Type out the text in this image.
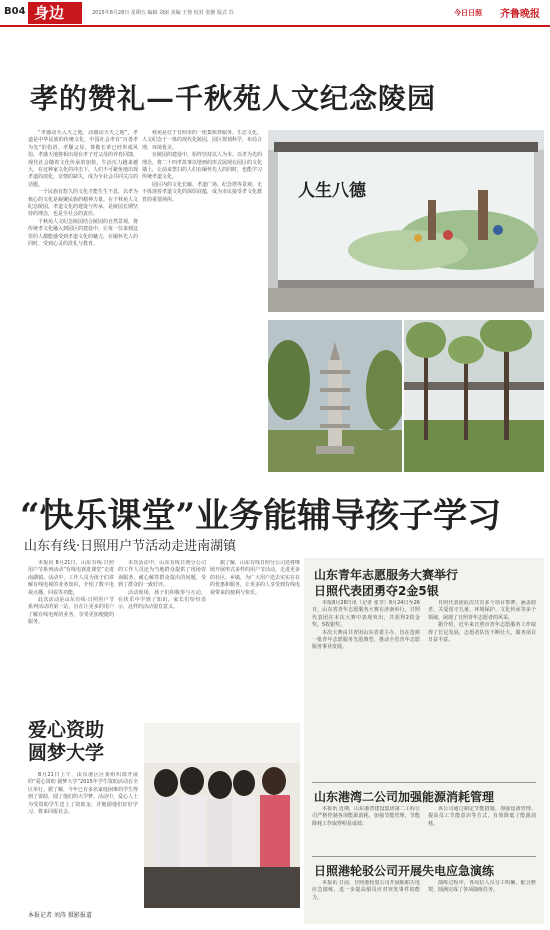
B04 身边	2015年8月28日 星期五 编辑 刘丽 美编 王鲁 校对 张静 版式 苏	今日日照 齐鲁晚报
孝的赞礼—千秋苑人文纪念陵园

“孝感动天入天之地，动感动天天之地”，孝道是中华民族的传统文化，中国社会孝有“百善孝为先”的俗语。孝顺父母，尊敬长辈已经形成风俗。孝感天地将相出现在孝子对父母的养育回馈，现代社会随着文化传承的加快，生活压力越来越大，在这种家文化的冲击下，人们不可避免地出现孝道的淡化，亲情的缺失，成为全社会共同关注的话题。
一个民族有悠久的文化才能生生不息，以孝为核心的文化是凝聚民族的精神力量。在千秋苑人文纪念陵园，孝道文化的建设与传承，是陵园长期坚持的理念，也是全社会的责任。
千秋苑人文纪念陵园结合陵园的自然景观，将传统孝文化融入到园区的建设中，让每一位来到这里的人都能感受到孝道文化的魅力，在缅怀先人的同时，受到心灵的洗礼与教育。

秋苑是位于日照市的一座集殡葬服务、生态文化、人文纪念于一体的现代化陵园，园区规划科学，布局合理，环境优美。
在陵园的建设中，始终坚持以人为本、以孝为先的理念，将二十四孝故事以壁画的形式展现在园区的文化墙上，让前来祭扫的人们在缅怀先人的同时，也能学习传统孝道文化。
园区内的文化长廊、孝道广场、纪念塔等景观，无不体现着孝道文化的深厚底蕴，成为市民接受孝文化教育的重要场所。	人生八德
“快乐课堂”业务能辅导孩子学习
山东有线·日照用户节活动走进南湖镇

本报讯 8月21日，山东有线·日照用户节系列活动“有线电视进课堂”走进南湖镇。活动中，工作人员为孩子们讲解有线电视的业务知识，介绍了数字电视点播、回看等功能。
此次活动是山东有线·日照用户节系列活动的第一站，旨在让更多的用户了解有线电视的业务，享受更加便捷的服务。

本次活动中，山东有线日照分公司的工作人员还为当地群众提供了现场咨询服务，耐心解答群众提出的问题，受到了群众的一致好评。
活动现场，孩子们积极参与互动，在快乐中学到了知识。家长们纷纷表示，这样的活动很有意义。

据了解，山东有线日照分公司还将继续开展形式多样的用户节活动，走进更多的社区、乡镇，为广大用户送去实实在在的优惠和服务，让更多的人享受到有线电视带来的便利与快乐。

山东青年志愿服务大赛举行
日照代表团勇夺2金5银

本报8月28日讯（记者 张节）8月24日至26日，山东省青年志愿服务大赛在济南举行，日照代表团在本次大赛中表现突出，共获得2枚金奖、5枚银奖。
本次大赛由共青团山东省委主办，旨在选树一批青年志愿服务先进典型，推动全省青年志愿服务事业发展。

日照代表团此次共有多个项目参赛，涵盖助老、关爱留守儿童、环境保护、文化传承等多个领域，展现了日照青年志愿者的风采。
据介绍，近年来日照市青年志愿服务工作取得了长足发展，志愿者队伍不断壮大，服务项目日益丰富。

山东港湾二公司加强能源消耗管理

本报讯 近期，山东港湾建设集团第二工程公司严格控制各项能源消耗，加强节能管理，节能降耗工作取得明显成效。

该公司通过制定节能措施、加强设备管理、提高员工节能意识等方式，有效降低了能源消耗。

日照港轮驳公司开展失电应急演练

本报讯 日前，日照港轮驳公司开展船舶失电应急演练，进一步提高船员应对突发事件的能力。

演练过程中，各岗位人员分工明确，配合默契，圆满完成了各项演练任务。

爱心资助
圆梦大学

8月21日上午，由东港区区委组织部开展的“爱心资助 圆梦大学”2015年学生资助活动在全区举行。据了解，今年已有多名家庭困难的学生得到了资助，圆了他们的大学梦。活动中，爱心人士为受资助学生送上了资助金，并勉励他们好好学习，将来回报社会。

本报记者 刘涛 摄影报道
